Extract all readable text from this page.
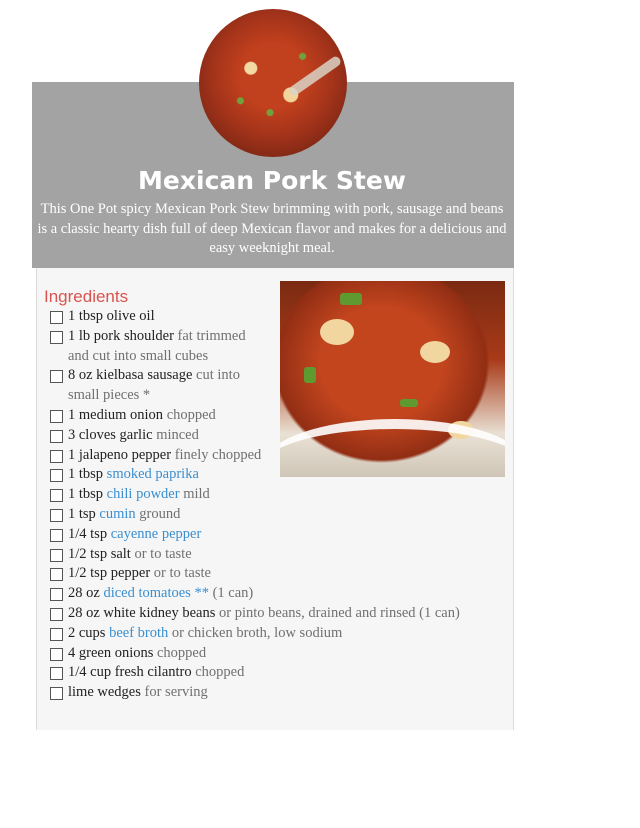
Mexican Pork Stew

This One Pot spicy Mexican Pork Stew brimming with pork, sausage and beans is a classic hearty dish full of deep Mexican flavor and makes for a delicious and easy weeknight meal.

Ingredients
1 tbsp olive oil
1 lb pork shoulder fat trimmed and cut into small cubes
8 oz kielbasa sausage cut into small pieces *
1 medium onion chopped
3 cloves garlic minced
1 jalapeno pepper finely chopped
1 tbsp smoked paprika
1 tbsp chili powder mild
1 tsp cumin ground
1/4 tsp cayenne pepper
1/2 tsp salt or to taste
1/2 tsp pepper or to taste
28 oz diced tomatoes ** (1 can)
28 oz white kidney beans or pinto beans, drained and rinsed (1 can)
2 cups beef broth or chicken broth, low sodium
4 green onions chopped
1/4 cup fresh cilantro chopped
lime wedges for serving
